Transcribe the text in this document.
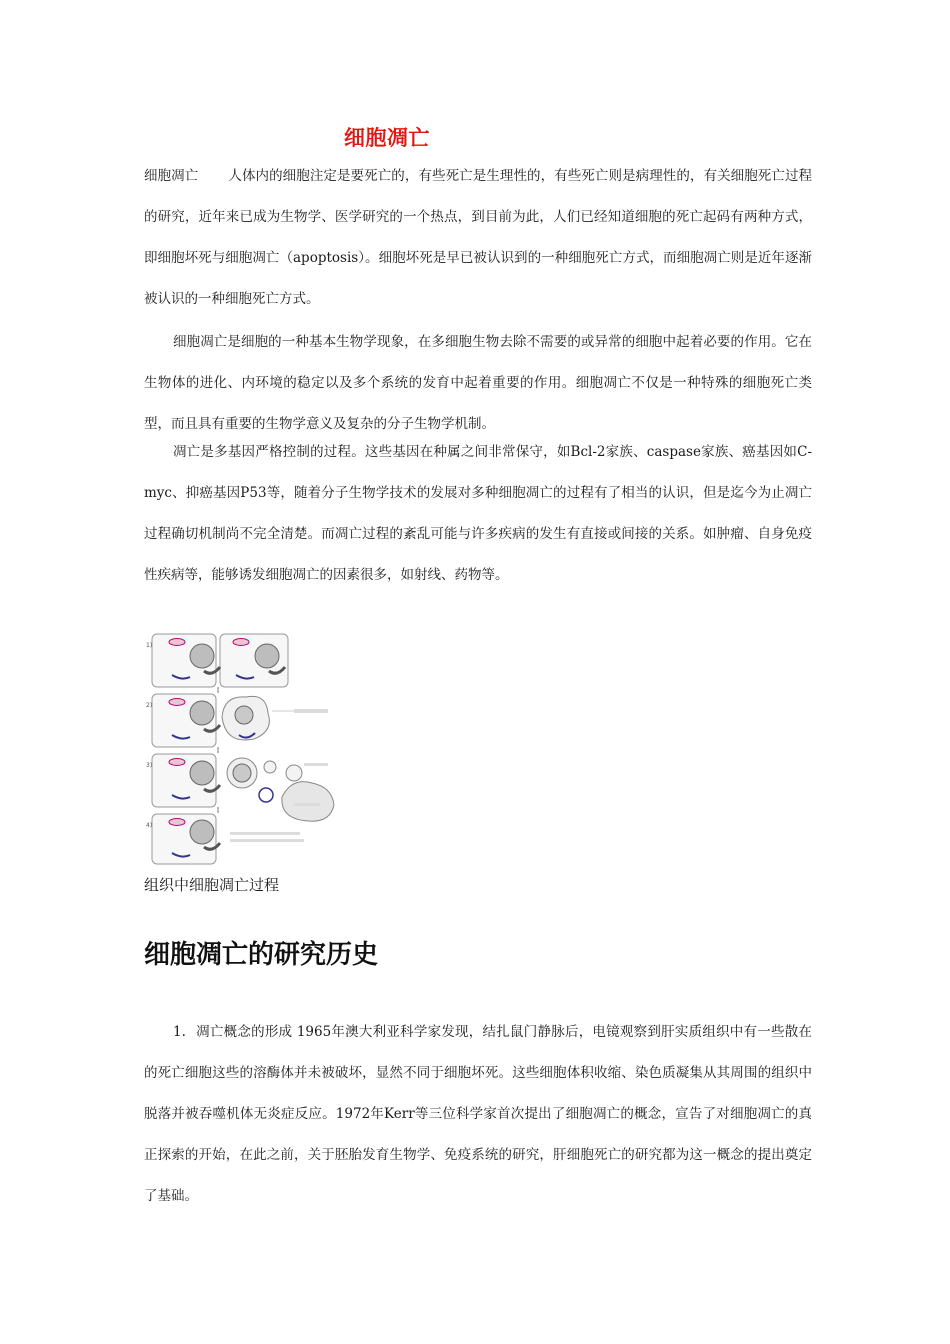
细胞凋亡

细胞凋亡 人体内的细胞注定是要死亡的，有些死亡是生理性的，有些死亡则是病理性的，有关细胞死亡过程的研究，近年来已成为生物学、医学研究的一个热点，到目前为此，人们已经知道细胞的死亡起码有两种方式，即细胞坏死与细胞凋亡（apoptosis）。细胞坏死是早已被认识到的一种细胞死亡方式，而细胞凋亡则是近年逐渐被认识的一种细胞死亡方式。

细胞凋亡是细胞的一种基本生物学现象，在多细胞生物去除不需要的或异常的细胞中起着必要的作用。它在生物体的进化、内环境的稳定以及多个系统的发育中起着重要的作用。细胞凋亡不仅是一种特殊的细胞死亡类型，而且具有重要的生物学意义及复杂的分子生物学机制。

凋亡是多基因严格控制的过程。这些基因在种属之间非常保守，如Bcl-2家族、caspase家族、癌基因如C-myc、抑癌基因P53等，随着分子生物学技术的发展对多种细胞凋亡的过程有了相当的认识，但是迄今为止凋亡过程确切机制尚不完全清楚。而凋亡过程的紊乱可能与许多疾病的发生有直接或间接的关系。如肿瘤、自身免疫性疾病等，能够诱发细胞凋亡的因素很多，如射线、药物等。

1)
2)
3)
4)
组织中细胞凋亡过程
细胞凋亡的研究历史

1. 凋亡概念的形成 1965年澳大利亚科学家发现，结扎鼠门静脉后，电镜观察到肝实质组织中有一些散在的死亡细胞这些的溶酶体并未被破坏，显然不同于细胞坏死。这些细胞体积收缩、染色质凝集从其周围的组织中脱落并被吞噬机体无炎症反应。1972年Kerr等三位科学家首次提出了细胞凋亡的概念，宣告了对细胞凋亡的真正探索的开始，在此之前，关于胚胎发育生物学、免疫系统的研究，肝细胞死亡的研究都为这一概念的提出奠定了基础。
